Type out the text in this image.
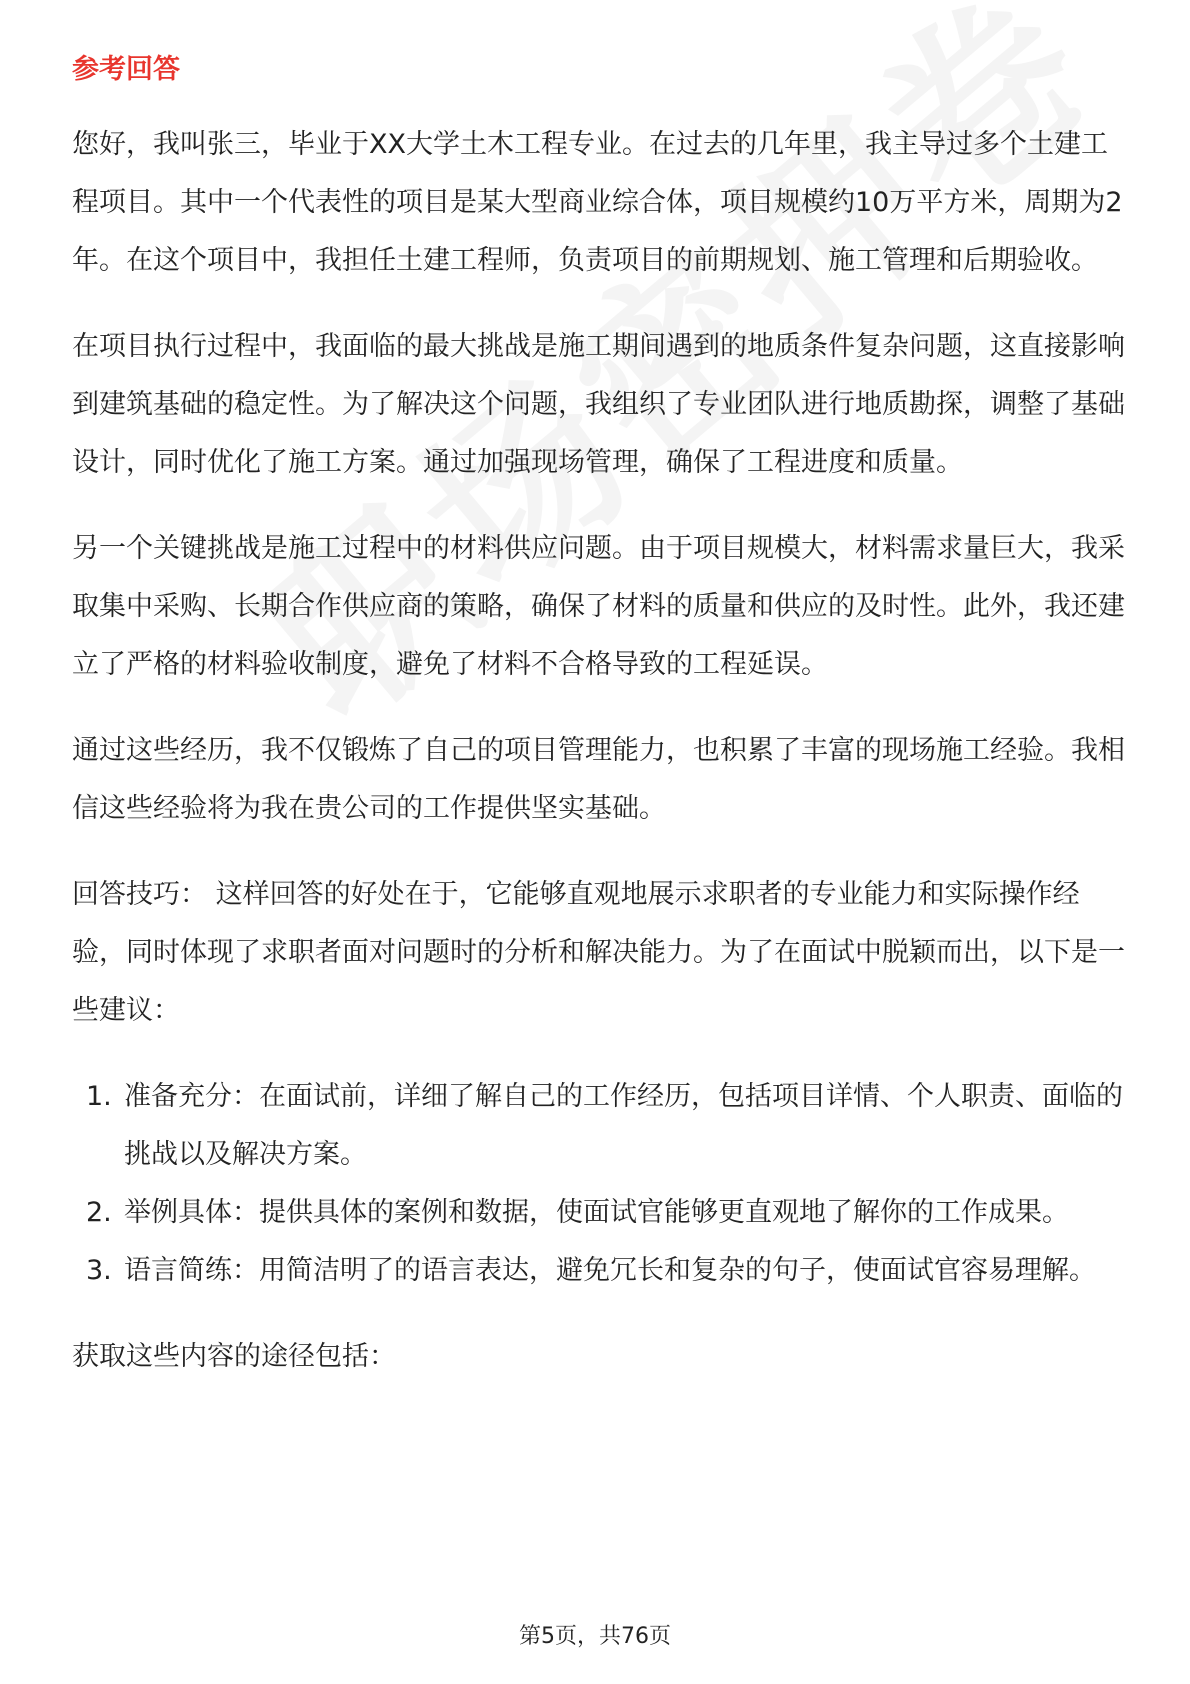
参考回答

您好，我叫张三，毕业于XX大学土木工程专业。在过去的几年里，我主导过多个土建工程项目。其中一个代表性的项目是某大型商业综合体，项目规模约10万平方米，周期为2年。在这个项目中，我担任土建工程师，负责项目的前期规划、施工管理和后期验收。

在项目执行过程中，我面临的最大挑战是施工期间遇到的地质条件复杂问题，这直接影响到建筑基础的稳定性。为了解决这个问题，我组织了专业团队进行地质勘探，调整了基础设计，同时优化了施工方案。通过加强现场管理，确保了工程进度和质量。

另一个关键挑战是施工过程中的材料供应问题。由于项目规模大，材料需求量巨大，我采取集中采购、长期合作供应商的策略，确保了材料的质量和供应的及时性。此外，我还建立了严格的材料验收制度，避免了材料不合格导致的工程延误。

通过这些经历，我不仅锻炼了自己的项目管理能力，也积累了丰富的现场施工经验。我相信这些经验将为我在贵公司的工作提供坚实基础。

回答技巧： 这样回答的好处在于，它能够直观地展示求职者的专业能力和实际操作经验，同时体现了求职者面对问题时的分析和解决能力。为了在面试中脱颖而出，以下是一些建议：

1. 准备充分：在面试前，详细了解自己的工作经历，包括项目详情、个人职责、面临的挑战以及解决方案。
2. 举例具体：提供具体的案例和数据，使面试官能够更直观地了解你的工作成果。
3. 语言简练：用简洁明了的语言表达，避免冗长和复杂的句子，使面试官容易理解。

获取这些内容的途径包括：

第5页，共76页
